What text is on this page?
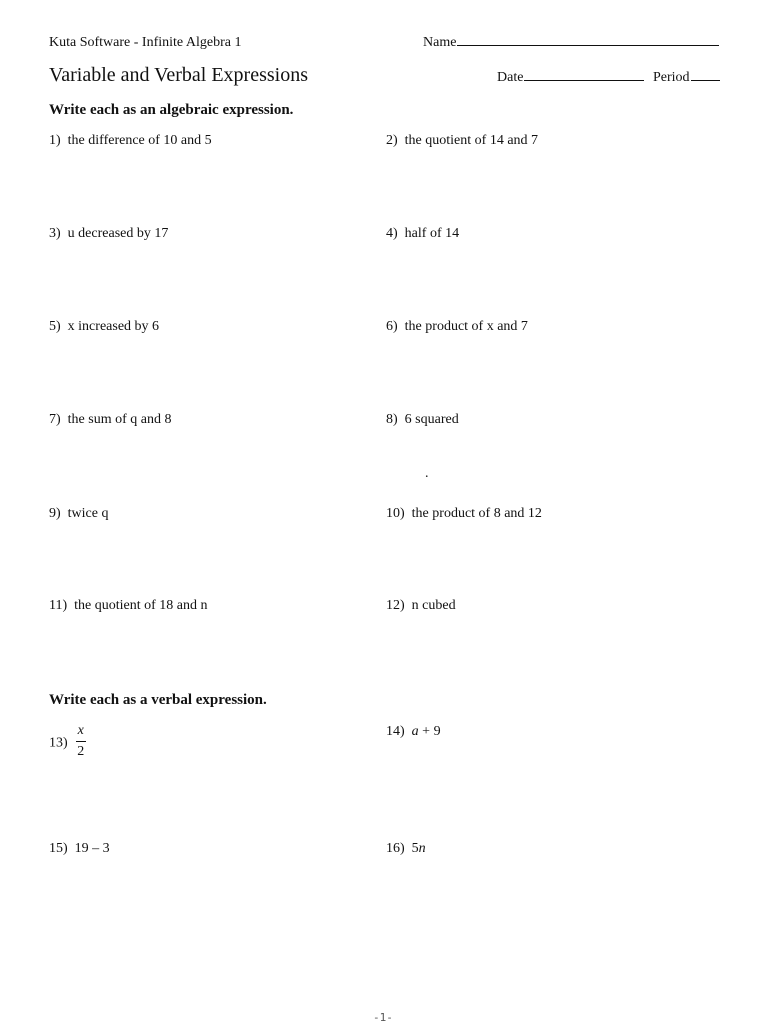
Kuta Software - Infinite Algebra 1	Name
Variable and Verbal Expressions	Date	Period
Write each as an algebraic expression.
1) the difference of 10 and 5	2) the quotient of 14 and 7
3) u decreased by 17	4) half of 14
5) x increased by 6	6) the product of x and 7
7) the sum of q and 8	8) 6 squared
.
9) twice q	10) the product of 8 and 12
11) the quotient of 18 and n	12) n cubed
Write each as a verbal expression.
$13) \frac{x}{2}$	14) a + 9
15) 19 – 3	16) 5n
-1-
